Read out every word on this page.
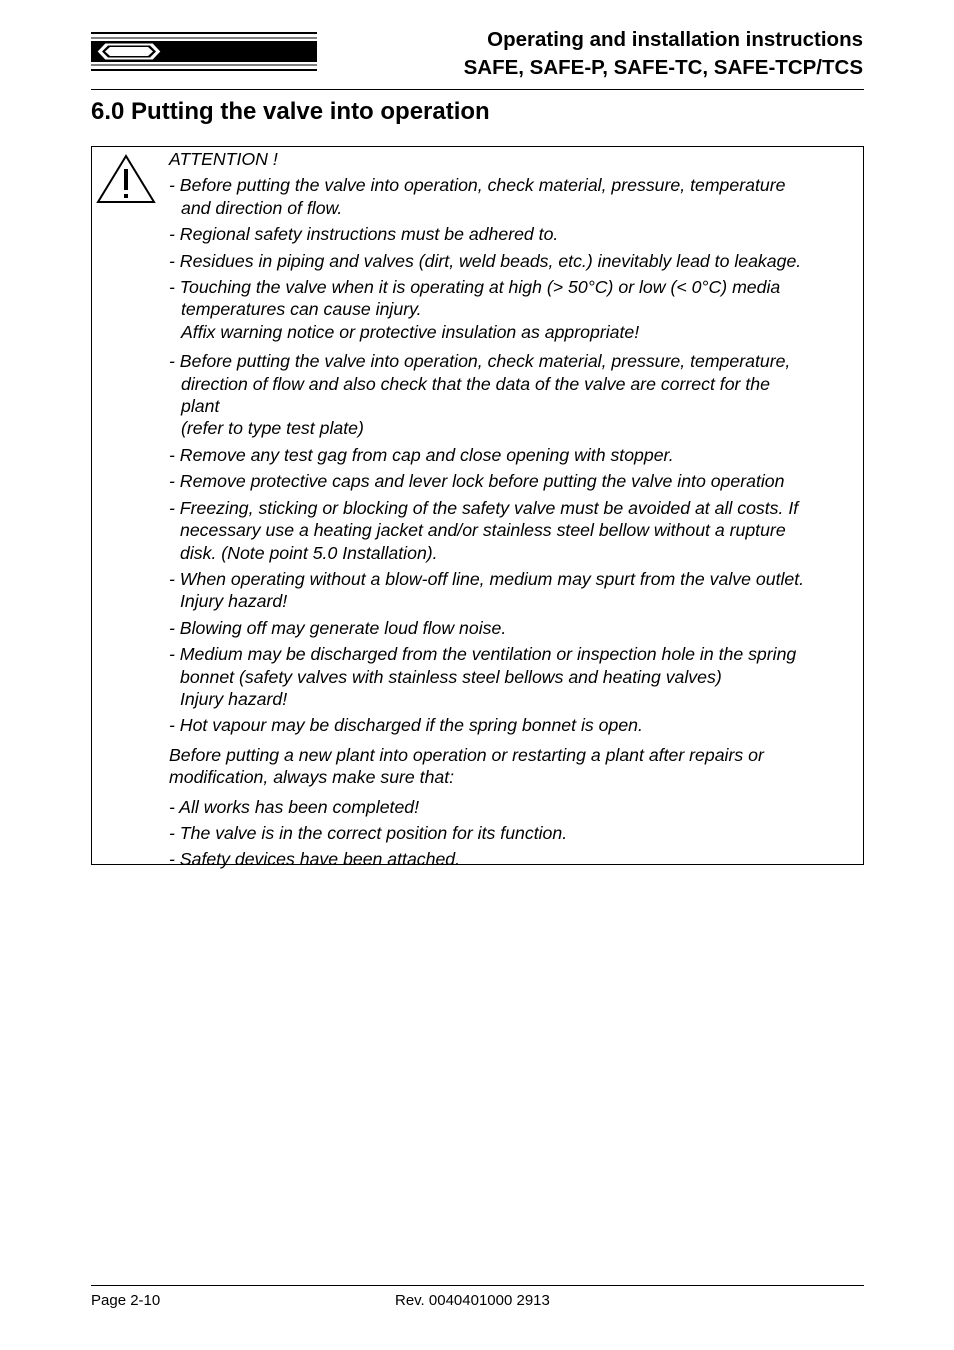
Operating and installation instructions
SAFE, SAFE-P, SAFE-TC, SAFE-TCP/TCS
6.0 Putting the valve into operation

ATTENTION !

- Before putting the valve into operation, check material, pressure, temperature
and direction of flow.

- Regional safety instructions must be adhered to.

- Residues in piping and valves (dirt, weld beads, etc.) inevitably lead to leakage.

- Touching the valve when it is operating at high (> 50°C) or low (< 0°C) media
temperatures can cause injury.
Affix warning notice or protective insulation as appropriate!

- Before putting the valve into operation, check material, pressure, temperature,
direction of flow and also check that the data of the valve are correct for the
plant
(refer to type test plate)

- Remove any test gag from cap and close opening with stopper.

- Remove protective caps and lever lock before putting the valve into operation

- Freezing, sticking or blocking of the safety valve must be avoided at all costs. If
necessary use a heating jacket and/or stainless steel bellow without a rupture
disk. (Note point 5.0 Installation).

- When operating without a blow-off line, medium may spurt from the valve outlet.
Injury hazard!

- Blowing off may generate loud flow noise.

- Medium may be discharged from the ventilation or inspection hole in the spring
bonnet (safety valves with stainless steel bellows and heating valves)
Injury hazard!

- Hot vapour may be discharged if the spring bonnet is open.

Before putting a new plant into operation or restarting a plant after repairs or
modification, always make sure that:

- All works has been completed!

- The valve is in the correct position for its function.

- Safety devices have been attached.

Page 2-10	Rev. 0040401000 2913
